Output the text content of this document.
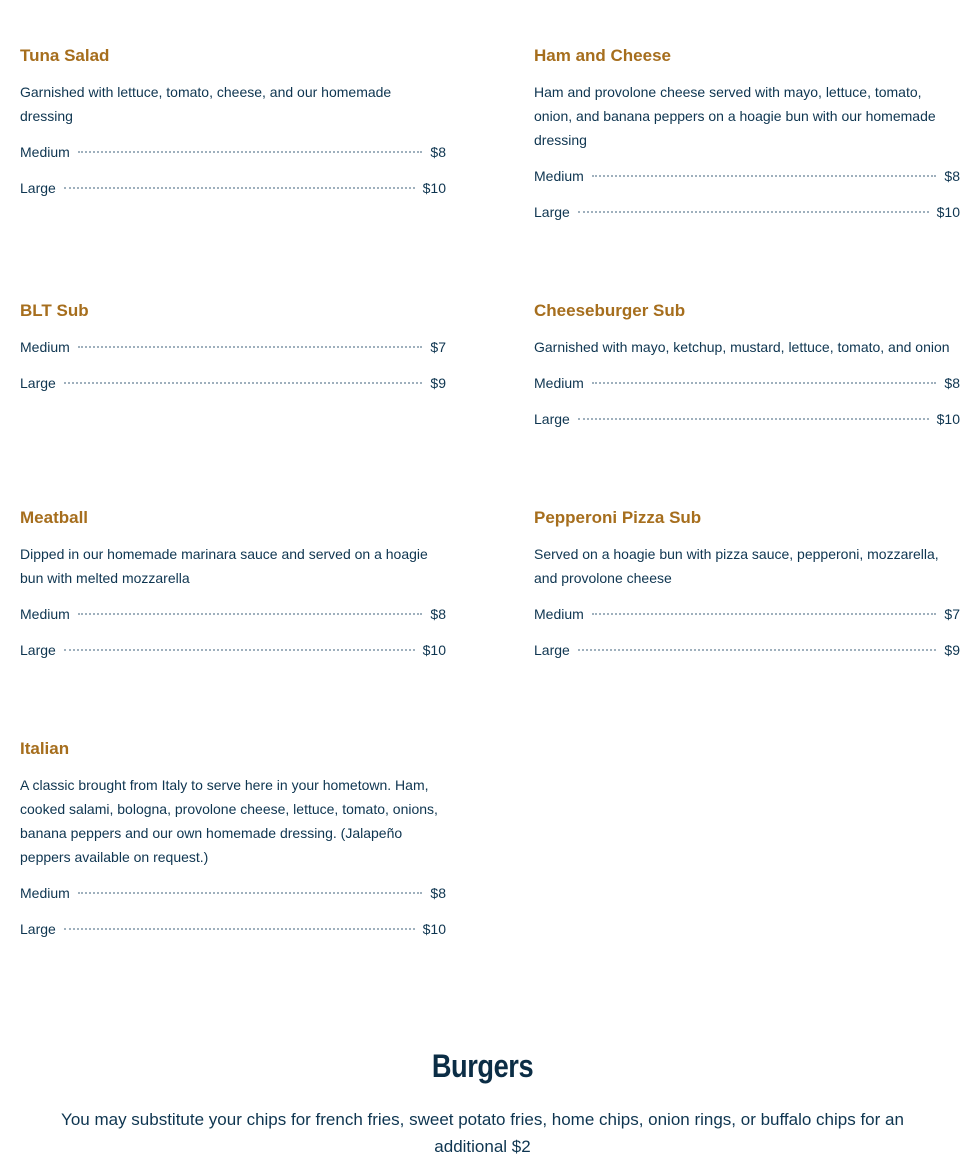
Tuna Salad

Garnished with lettuce, tomato, cheese, and our homemade dressing

Medium	$8
Large	$10
Ham and Cheese

Ham and provolone cheese served with mayo, lettuce, tomato, onion, and banana peppers on a hoagie bun with our homemade dressing

Medium	$8
Large	$10
BLT Sub
Medium	$7
Large	$9
Cheeseburger Sub

Garnished with mayo, ketchup, mustard, lettuce, tomato, and onion

Medium	$8
Large	$10
Meatball

Dipped in our homemade marinara sauce and served on a hoagie bun with melted mozzarella

Medium	$8
Large	$10
Pepperoni Pizza Sub

Served on a hoagie bun with pizza sauce, pepperoni, mozzarella, and provolone cheese

Medium	$7
Large	$9
Italian

A classic brought from Italy to serve here in your hometown. Ham, cooked salami, bologna, provolone cheese, lettuce, tomato, onions, banana peppers and our own homemade dressing. (Jalapeño peppers available on request.)

Medium	$8
Large	$10
Burgers

You may substitute your chips for french fries, sweet potato fries, home chips, onion rings, or buffalo chips for an additional $2
